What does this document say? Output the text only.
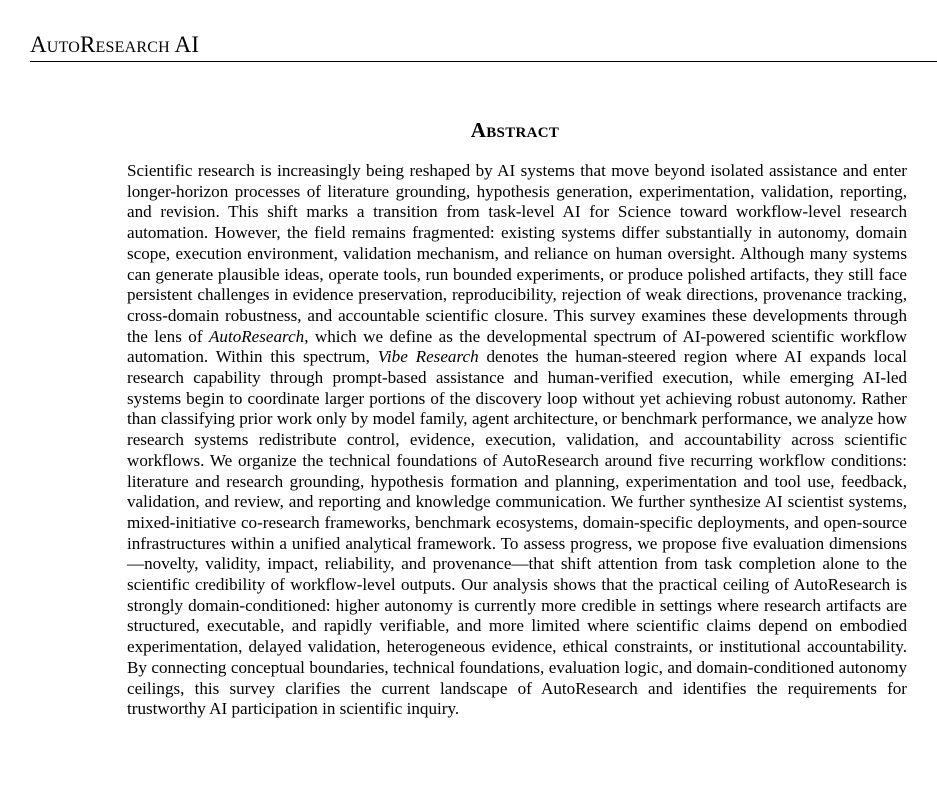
AutoResearch AI
Abstract

Scientific research is increasingly being reshaped by AI systems that move beyond isolated assistance and enter longer-horizon processes of literature grounding, hypothesis generation, experimentation, validation, reporting, and revision. This shift marks a transition from task-level AI for Science toward workflow-level research automation. However, the field remains fragmented: existing systems differ substantially in autonomy, domain scope, execution environment, validation mechanism, and reliance on human oversight. Although many systems can generate plausible ideas, operate tools, run bounded experiments, or produce polished artifacts, they still face persistent challenges in evidence preservation, reproducibility, rejection of weak directions, provenance tracking, cross-domain robustness, and accountable scientific closure. This survey examines these developments through the lens of AutoResearch, which we define as the developmental spectrum of AI-powered scientific workflow automation. Within this spectrum, Vibe Research denotes the human-steered region where AI expands local research capability through prompt-based assistance and human-verified execution, while emerging AI-led systems begin to coordinate larger portions of the discovery loop without yet achieving robust autonomy. Rather than classifying prior work only by model family, agent architecture, or benchmark performance, we analyze how research systems redistribute control, evidence, execution, validation, and accountability across scientific workflows. We organize the technical foundations of AutoResearch around five recurring workflow conditions: literature and research grounding, hypothesis formation and planning, experimentation and tool use, feedback, validation, and review, and reporting and knowledge communication. We further synthesize AI scientist systems, mixed-initiative co-research frameworks, benchmark ecosystems, domain-specific deployments, and open-source infrastructures within a unified analytical framework. To assess progress, we propose five evaluation dimensions—novelty, validity, impact, reliability, and provenance—that shift attention from task completion alone to the scientific credibility of workflow-level outputs. Our analysis shows that the practical ceiling of AutoResearch is strongly domain-conditioned: higher autonomy is currently more credible in settings where research artifacts are structured, executable, and rapidly verifiable, and more limited where scientific claims depend on embodied experimentation, delayed validation, heterogeneous evidence, ethical constraints, or institutional accountability. By connecting conceptual boundaries, technical foundations, evaluation logic, and domain-conditioned autonomy ceilings, this survey clarifies the current landscape of AutoResearch and identifies the requirements for trustworthy AI participation in scientific inquiry.
